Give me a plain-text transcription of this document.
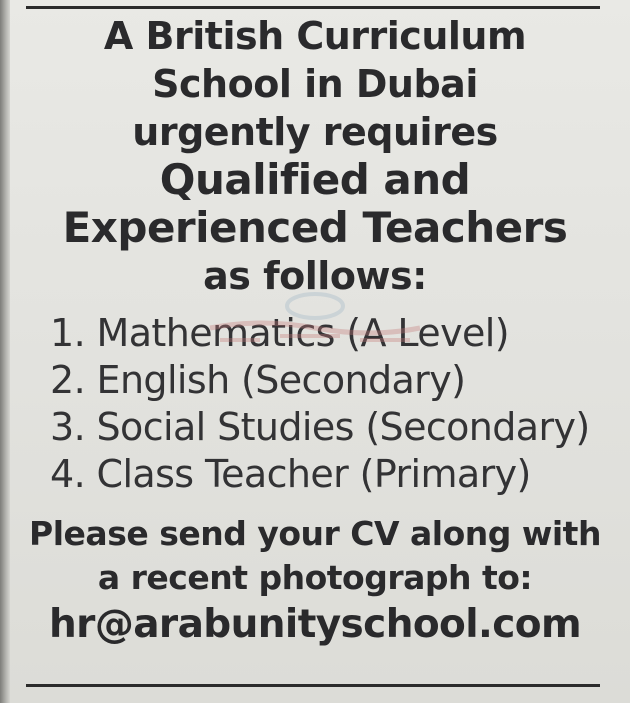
A British Curriculum
School in Dubai
urgently requires
Qualified and
Experienced Teachers
as follows:
1. Mathematics (A Level)
2. English (Secondary)
3. Social Studies (Secondary)
4. Class Teacher (Primary)

Please send your CV along with
a recent photograph to:

hr@arabunityschool.com
